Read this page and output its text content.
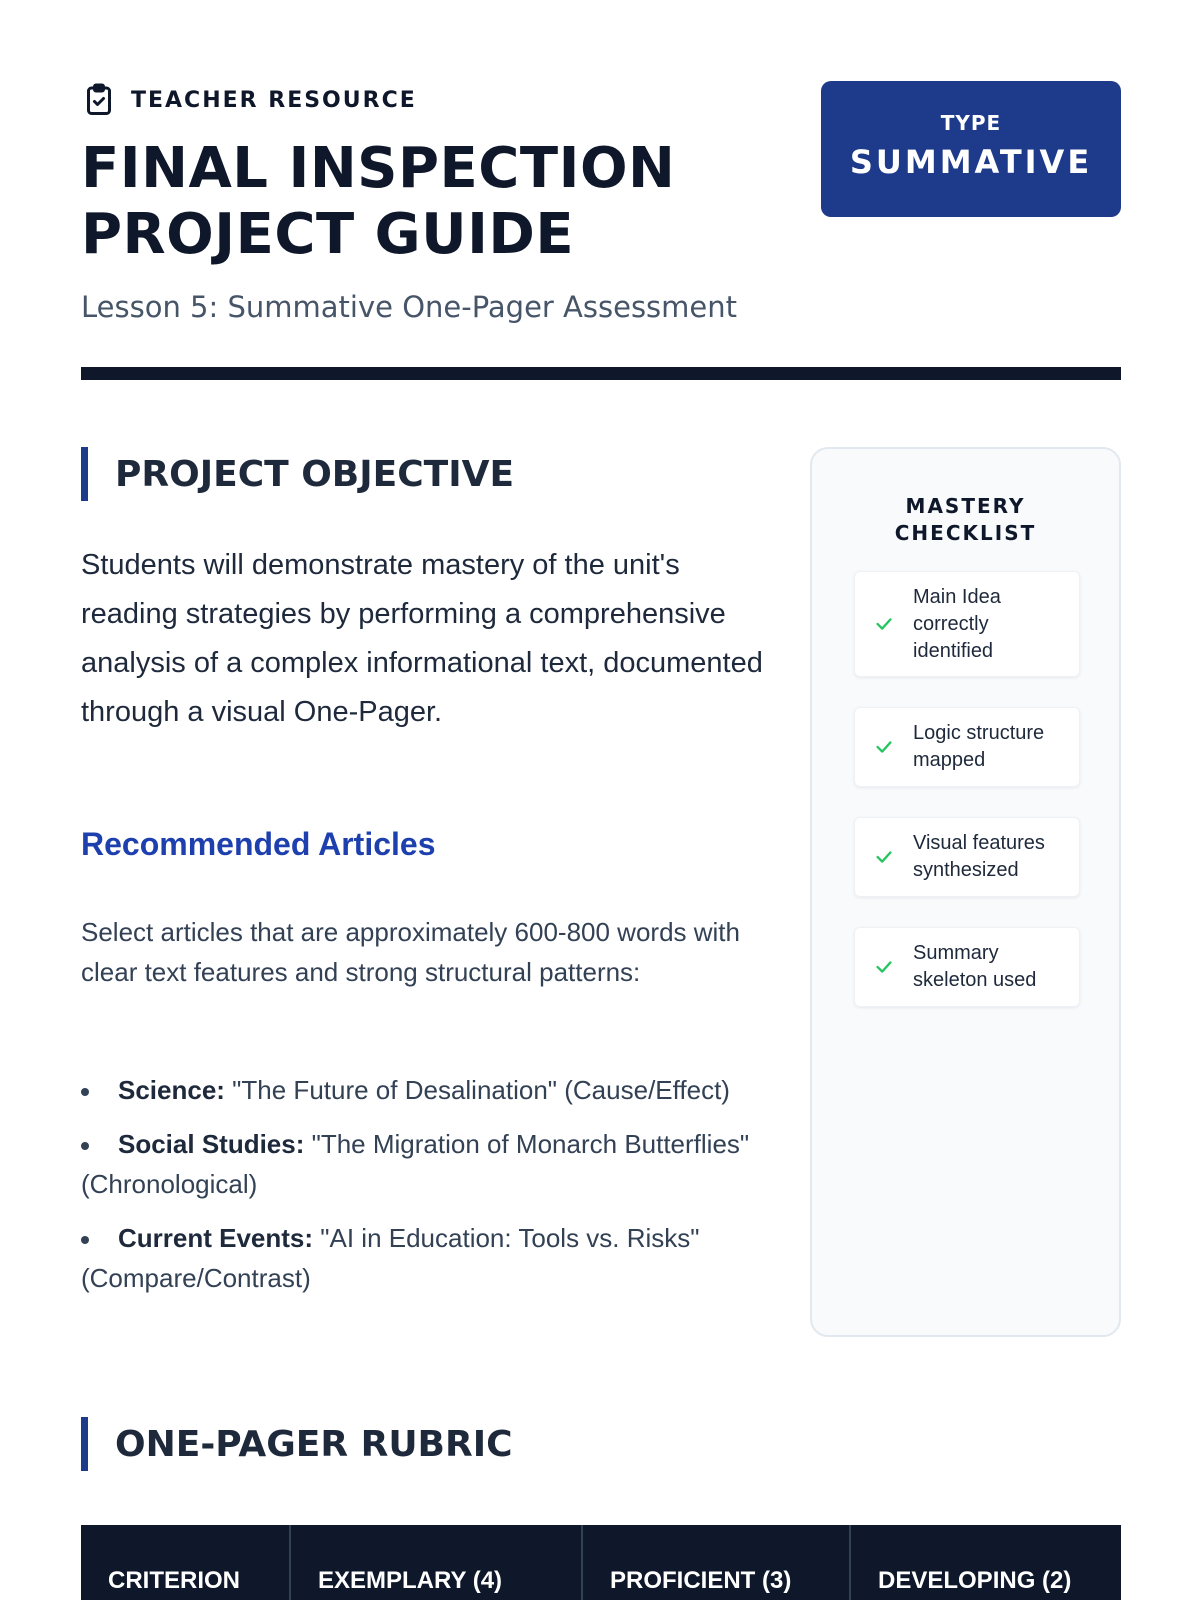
TEACHER RESOURCE
FINAL INSPECTION
PROJECT GUIDE
Lesson 5: Summative One-Pager Assessment
TYPE
SUMMATIVE
PROJECT OBJECTIVE

Students will demonstrate mastery of the unit's reading strategies by performing a comprehensive analysis of a complex informational text, documented through a visual One-Pager.

Recommended Articles

Select articles that are approximately 600-800 words with clear text features and strong structural patterns:

Science: "The Future of Desalination" (Cause/Effect)
Social Studies: "The Migration of Monarch Butterflies" (Chronological)
Current Events: "AI in Education: Tools vs. Risks" (Compare/Contrast)
MASTERY
CHECKLIST
Main Idea correctly identified
Logic structure mapped
Visual features synthesized
Summary skeleton used
ONE-PAGER RUBRIC
CRITERION	EXEMPLARY (4)	PROFICIENT (3)	DEVELOPING (2)
